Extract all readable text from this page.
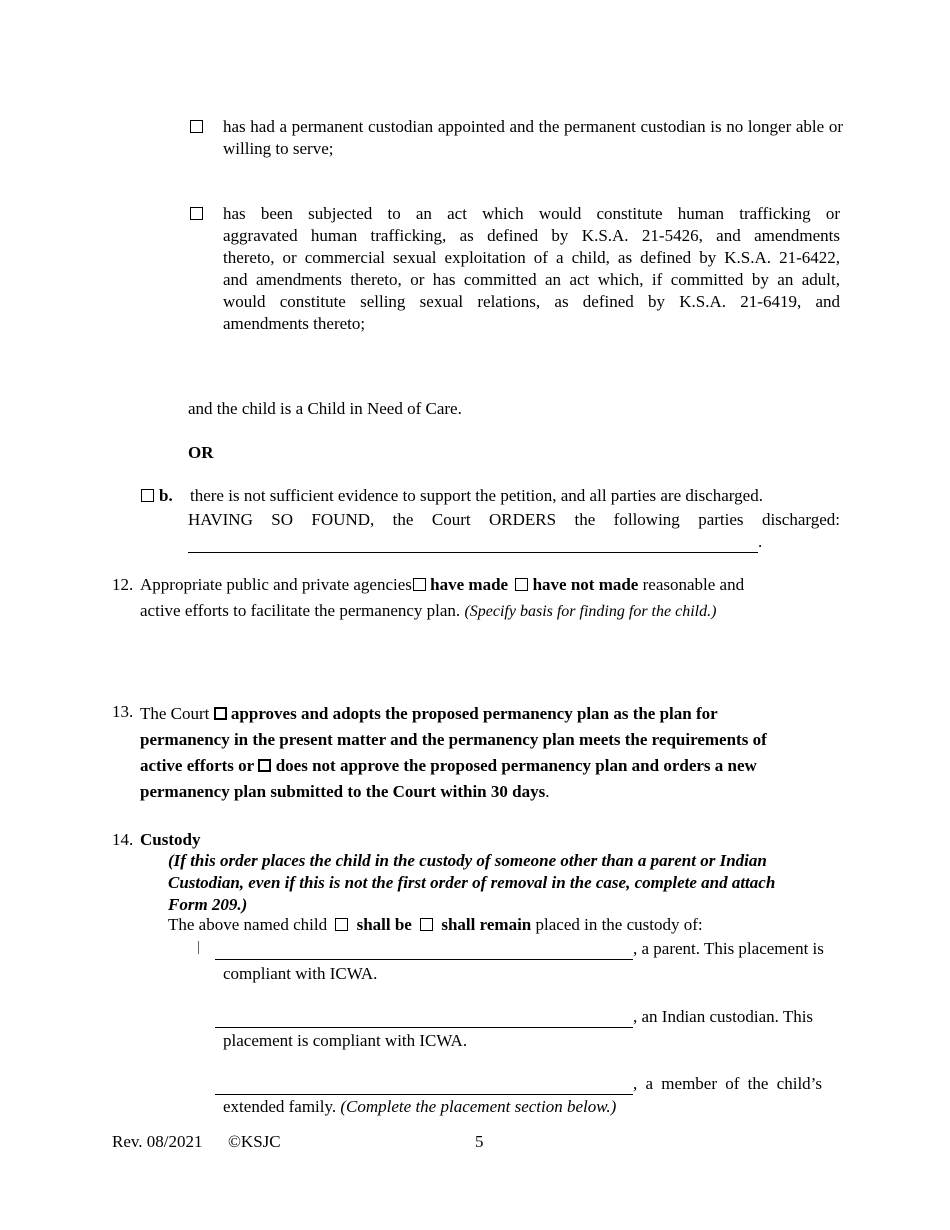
has had a permanent custodian appointed and the permanent custodian is no longer able or willing to serve;
has been subjected to an act which would constitute human trafficking or
aggravated human trafficking, as defined by K.S.A. 21-5426, and amendments
thereto, or commercial sexual exploitation of a child, as defined by K.S.A. 21-6422,
and amendments thereto, or has committed an act which, if committed by an adult,
would constitute selling sexual relations, as defined by K.S.A. 21-6419, and
amendments thereto;
and the child is a Child in Need of Care.
OR
b. there is not sufficient evidence to support the petition, and all parties are discharged.
HAVING SO FOUND, the Court ORDERS the following parties discharged:
.
12. Appropriate public and private agencies have made have not made reasonable and
active efforts to facilitate the permanency plan. (Specify basis for finding for the child.)
13. The Court approves and adopts the proposed permanency plan as the plan for
permanency in the present matter and the permanency plan meets the requirements of
active efforts or does not approve the proposed permanency plan and orders a new
permanency plan submitted to the Court within 30 days.
14. Custody
(If this order places the child in the custody of someone other than a parent or Indian
Custodian, even if this is not the first order of removal in the case, complete and attach
Form 209.)
The above named child shall be shall remain placed in the custody of:
, a parent. This placement is
compliant with ICWA.
, an Indian custodian. This
placement is compliant with ICWA.
, a member of the child’s
extended family. (Complete the placement section below.)
Rev. 08/2021 ©KSJC	5
